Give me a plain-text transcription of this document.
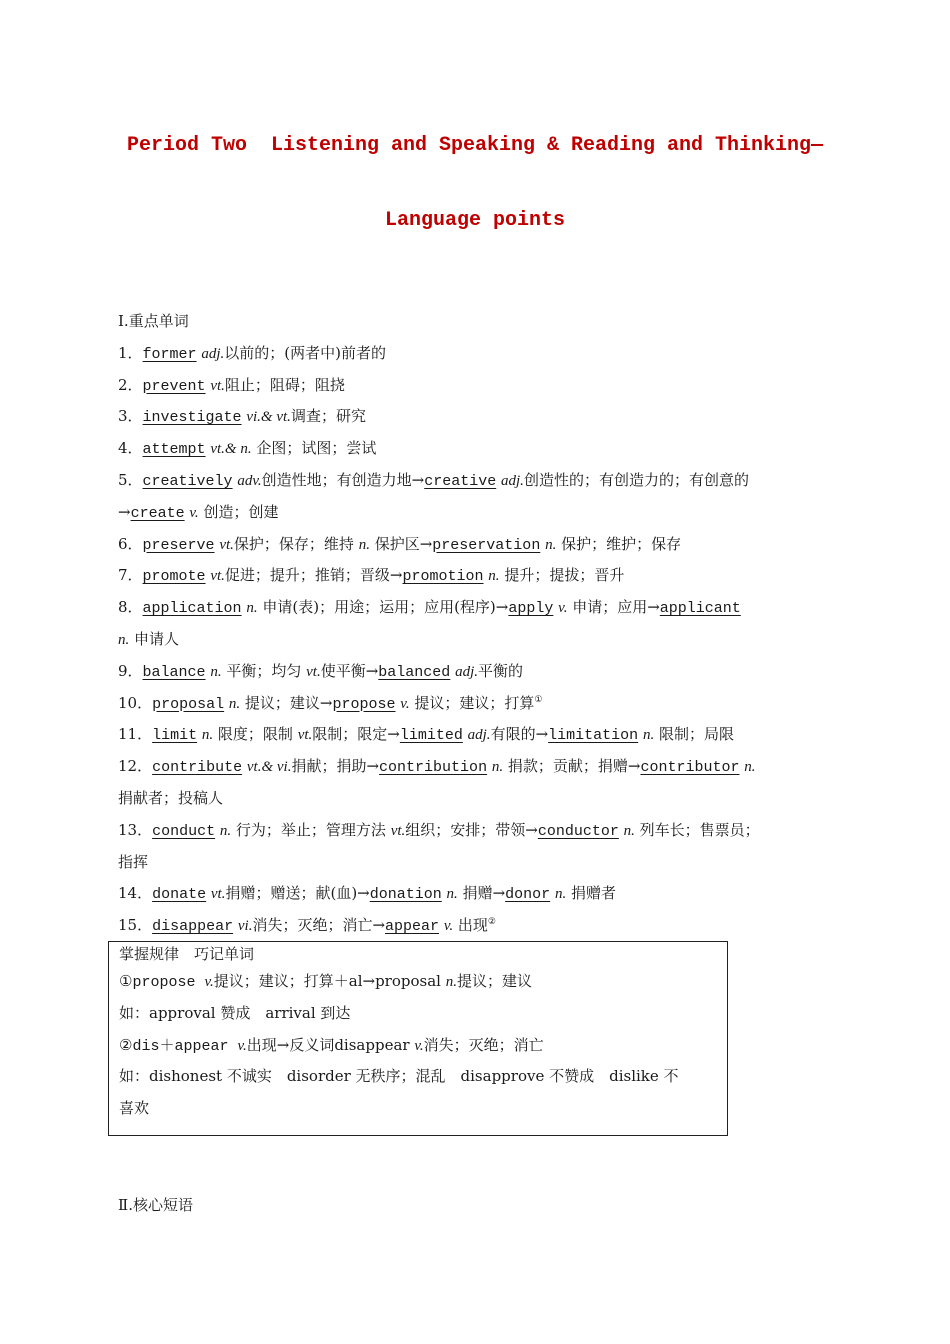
Period Two  Listening and Speaking & Reading and Thinking—
Language points
Ⅰ.重点单词
1．former adj.以前的；(两者中)前者的
2．prevent vt.阻止；阻碍；阻挠
3．investigate vi.& vt.调查；研究
4．attempt vt.& n. 企图；试图；尝试
5．creatively adv.创造性地；有创造力地→creative adj.创造性的；有创造力的；有创意的
→create v. 创造；创建
6．preserve vt.保护；保存；维持 n. 保护区→preservation n. 保护；维护；保存
7．promote vt.促进；提升；推销；晋级→promotion n. 提升；提拔；晋升
8．application n. 申请(表)；用途；运用；应用(程序)→apply v. 申请；应用→applicant
n. 申请人
9．balance n. 平衡；均匀 vt.使平衡→balanced adj.平衡的
10．proposal n. 提议；建议→propose v. 提议；建议；打算①
11．limit n. 限度；限制 vt.限制；限定→limited adj.有限的→limitation n. 限制；局限
12．contribute vt.& vi.捐献；捐助→contribution n. 捐款；贡献；捐赠→contributor n.
捐献者；投稿人
13．conduct n. 行为；举止；管理方法 vt.组织；安排；带领→conductor n. 列车长；售票员；
指挥
14．donate vt.捐赠；赠送；献(血)→donation n. 捐赠→donor n. 捐赠者
15．disappear vi.消失；灭绝；消亡→appear v. 出现②
掌握规律　巧记单词
①propose v.提议；建议；打算＋al→proposal n.提议；建议
如：approval 赞成　arrival 到达
②dis＋appear v.出现→反义词disappear v.消失；灭绝；消亡
如：dishonest 不诚实　disorder 无秩序；混乱　disapprove 不赞成　dislike 不
喜欢
Ⅱ.核心短语
